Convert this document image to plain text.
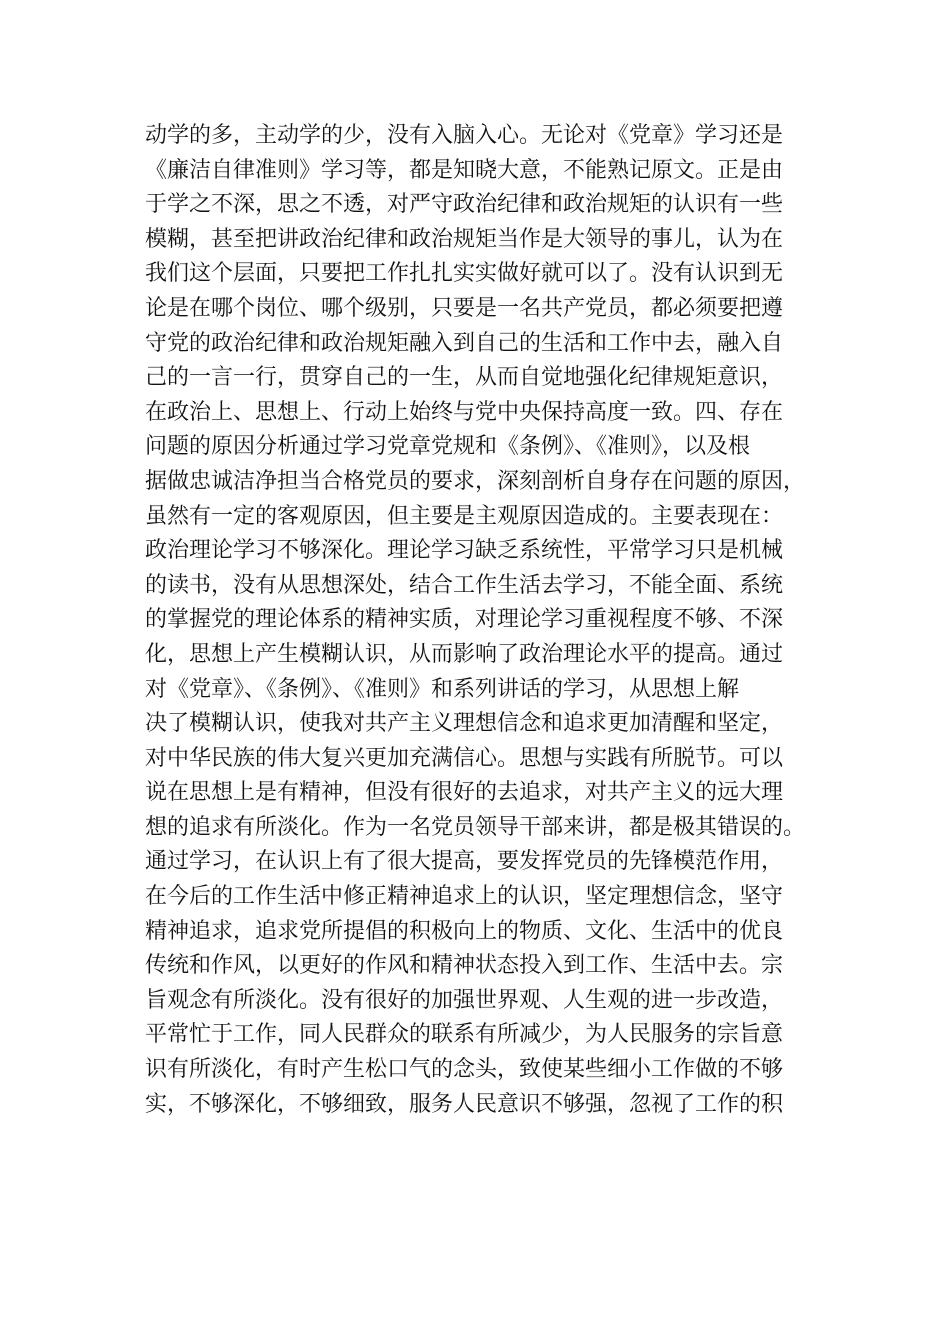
动学的多，主动学的少，没有入脑入心。无论对《党章》学习还是
《廉洁自律准则》学习等，都是知晓大意，不能熟记原文。正是由
于学之不深，思之不透，对严守政治纪律和政治规矩的认识有一些
模糊，甚至把讲政治纪律和政治规矩当作是大领导的事儿，认为在
我们这个层面，只要把工作扎扎实实做好就可以了。没有认识到无
论是在哪个岗位、哪个级别，只要是一名共产党员，都必须要把遵
守党的政治纪律和政治规矩融入到自己的生活和工作中去，融入自
己的一言一行，贯穿自己的一生，从而自觉地强化纪律规矩意识，
在政治上、思想上、行动上始终与党中央保持高度一致。四、存在
问题的原因分析通过学习党章党规和《条例》、《准则》，以及根
据做忠诚洁净担当合格党员的要求，深刻剖析自身存在问题的原因，
虽然有一定的客观原因，但主要是主观原因造成的。主要表现在：
政治理论学习不够深化。理论学习缺乏系统性，平常学习只是机械
的读书，没有从思想深处，结合工作生活去学习，不能全面、系统
的掌握党的理论体系的精神实质，对理论学习重视程度不够、不深
化，思想上产生模糊认识，从而影响了政治理论水平的提高。通过
对《党章》、《条例》、《准则》和系列讲话的学习，从思想上解
决了模糊认识，使我对共产主义理想信念和追求更加清醒和坚定，
对中华民族的伟大复兴更加充满信心。思想与实践有所脱节。可以
说在思想上是有精神，但没有很好的去追求，对共产主义的远大理
想的追求有所淡化。作为一名党员领导干部来讲，都是极其错误的。
通过学习，在认识上有了很大提高，要发挥党员的先锋模范作用，
在今后的工作生活中修正精神追求上的认识，坚定理想信念，坚守
精神追求，追求党所提倡的积极向上的物质、文化、生活中的优良
传统和作风，以更好的作风和精神状态投入到工作、生活中去。宗
旨观念有所淡化。没有很好的加强世界观、人生观的进一步改造，
平常忙于工作，同人民群众的联系有所减少，为人民服务的宗旨意
识有所淡化，有时产生松口气的念头，致使某些细小工作做的不够
实，不够深化，不够细致，服务人民意识不够强，忽视了工作的积
